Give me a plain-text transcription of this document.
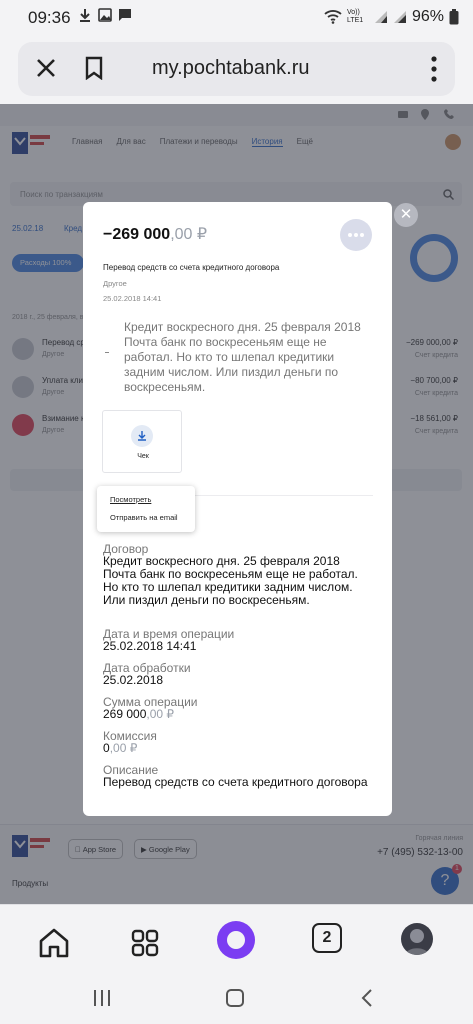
09:36	Vo)) LTE1	96%
my.pochtabank.ru
✕
−269 000,00 ₽
Перевод средств со счета кредитного договора
Другое
25.02.2018 14:41
Кредит воскресного дня. 25 февраля 2018 Почта банк по воскресеньям еще не работал. Но кто то шлепал кредитики задним числом. Или пиздил деньги по воскресеньям.
Чек
Договор
Кредит воскресного дня. 25 февраля 2018 Почта банк по воскресеньям еще не работал. Но кто то шлепал кредитики задним числом. Или пиздил деньги по воскресеньям.
Дата и время операции
25.02.2018 14:41
Дата обработки
25.02.2018
Сумма операции
269 000,00 ₽
Комиссия
0,00 ₽
Описание
Перевод средств со счета кредитного договора
Посмотреть
Отправить на email
2
